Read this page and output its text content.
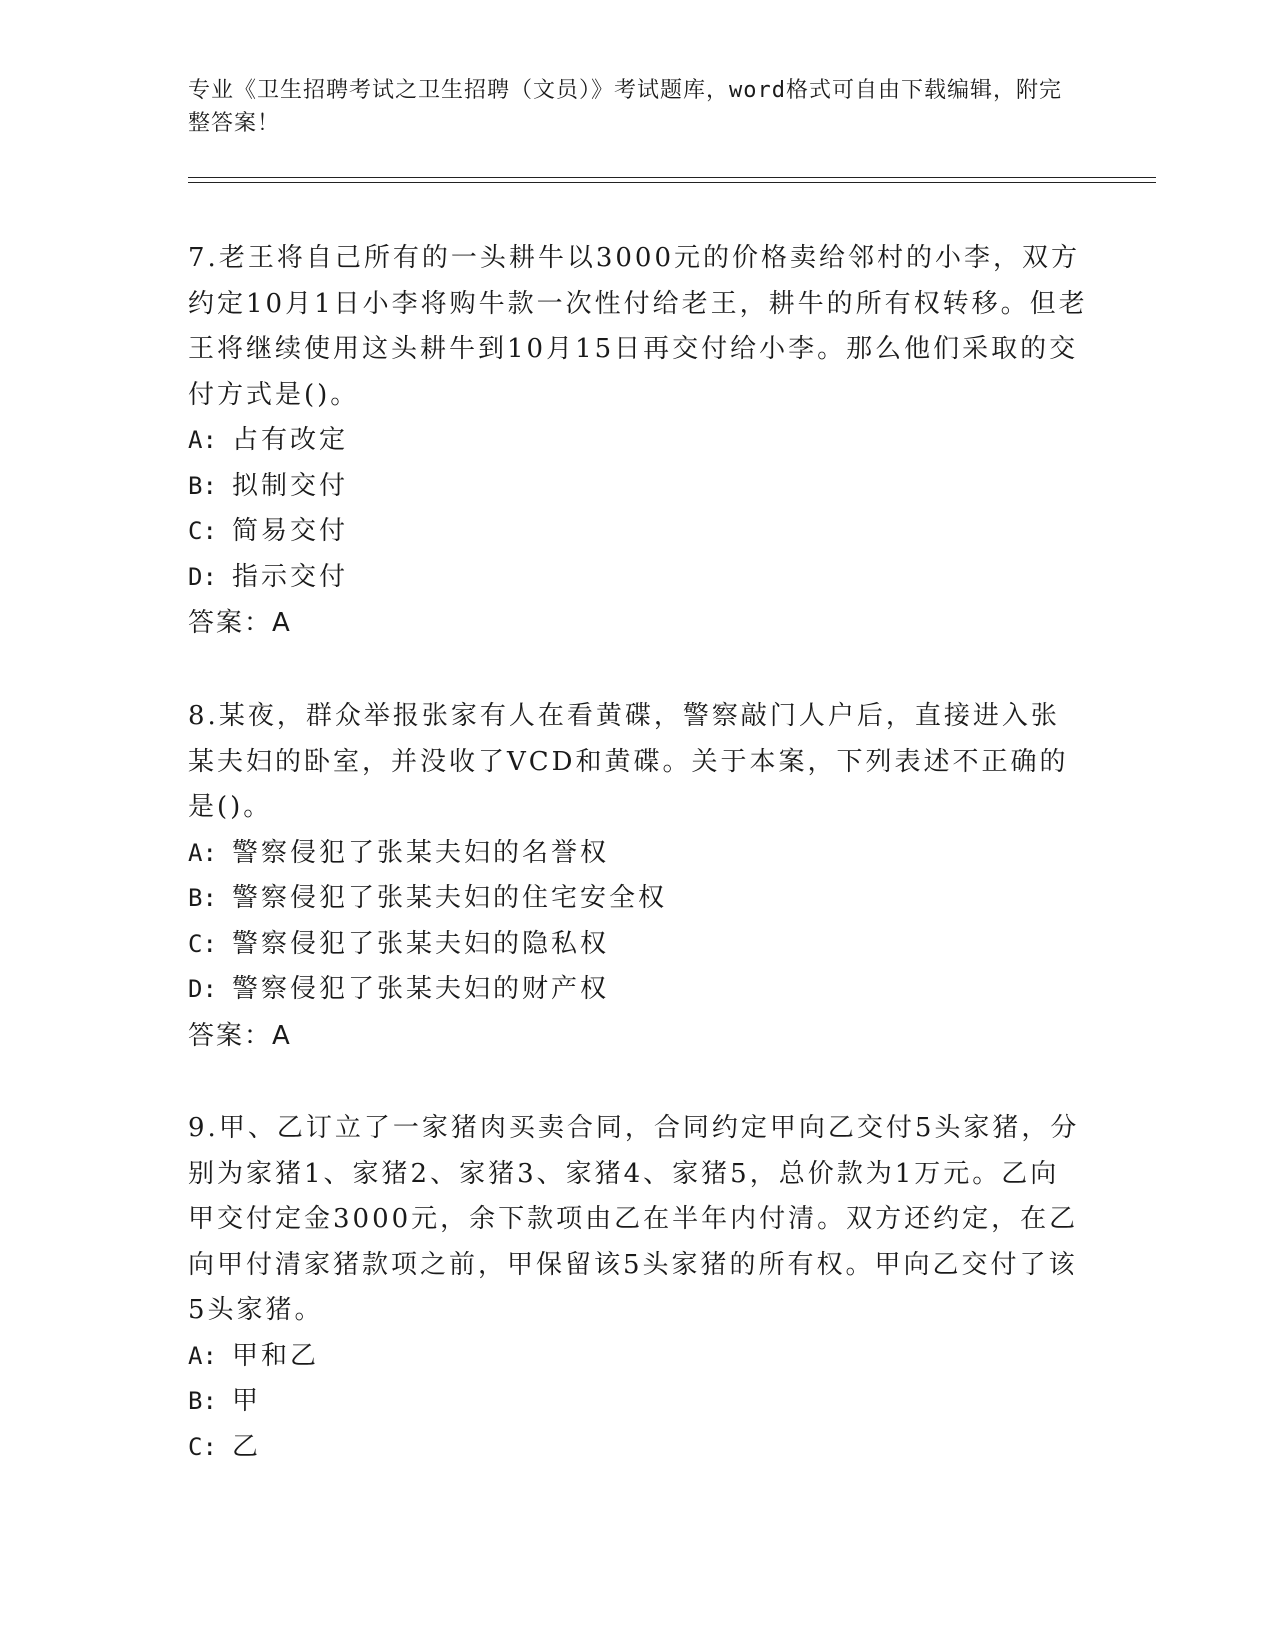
专业《卫生招聘考试之卫生招聘（文员）》考试题库，word格式可自由下载编辑，附完整答案！

7.老王将自己所有的一头耕牛以3000元的价格卖给邻村的小李，双方约定10月1日小李将购牛款一次性付给老王，耕牛的所有权转移。但老王将继续使用这头耕牛到10月15日再交付给小李。那么他们采取的交付方式是()。

A: 占有改定

B: 拟制交付

C: 简易交付

D: 指示交付

答案：A

8.某夜，群众举报张家有人在看黄碟，警察敲门人户后，直接进入张某夫妇的卧室，并没收了VCD和黄碟。关于本案，下列表述不正确的是()。

A: 警察侵犯了张某夫妇的名誉权

B: 警察侵犯了张某夫妇的住宅安全权

C: 警察侵犯了张某夫妇的隐私权

D: 警察侵犯了张某夫妇的财产权

答案：A

9.甲、乙订立了一家猪肉买卖合同，合同约定甲向乙交付5头家猪，分别为家猪1、家猪2、家猪3、家猪4、家猪5，总价款为1万元。乙向甲交付定金3000元，余下款项由乙在半年内付清。双方还约定，在乙向甲付清家猪款项之前，甲保留该5头家猪的所有权。甲向乙交付了该5头家猪。

A: 甲和乙

B: 甲

C: 乙
